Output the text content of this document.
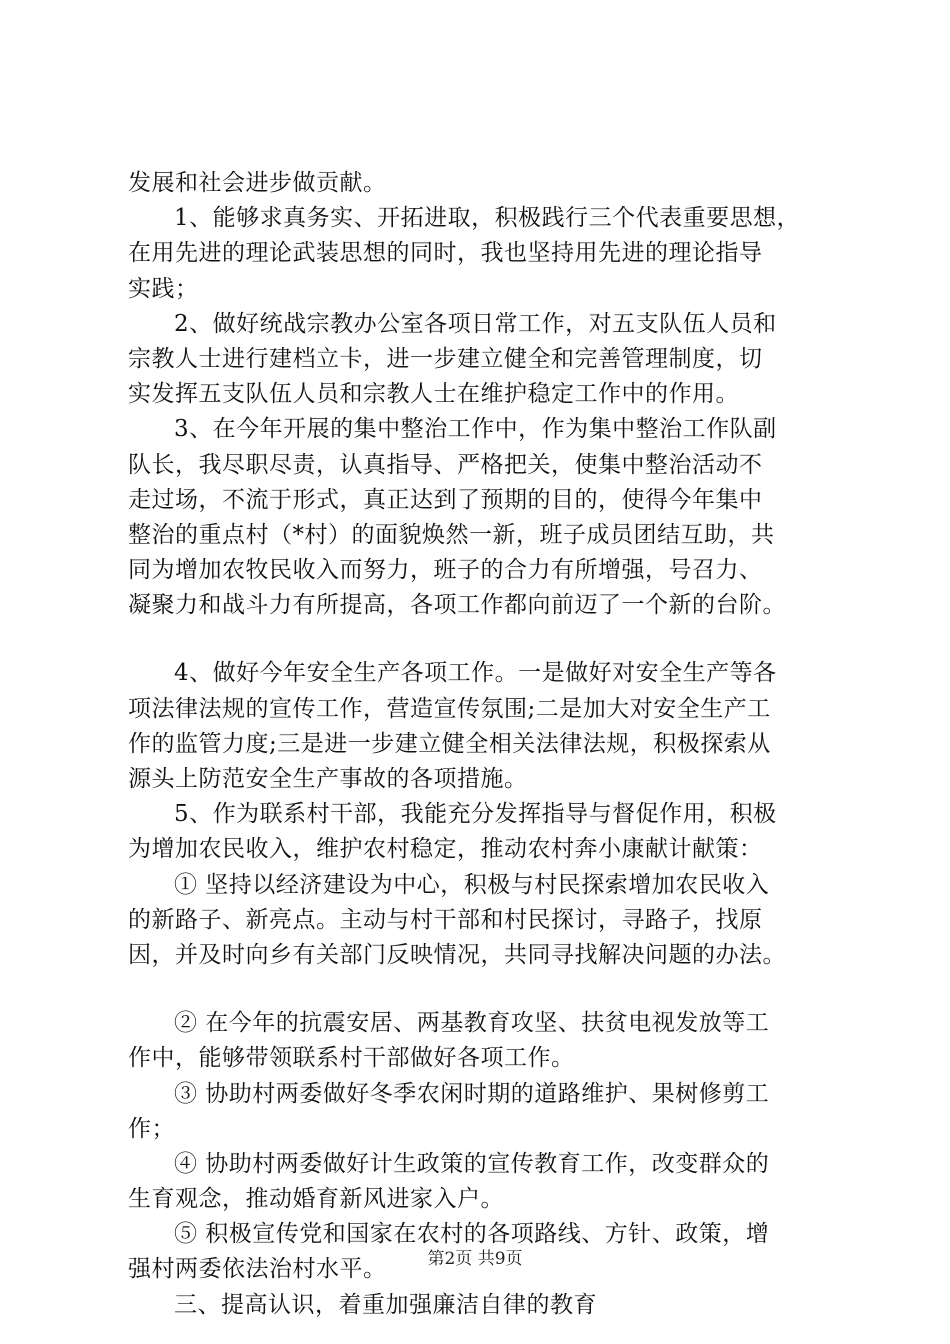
发展和社会进步做贡献。
1、能够求真务实、开拓进取，积极践行三个代表重要思想，
在用先进的理论武装思想的同时，我也坚持用先进的理论指导
实践；
2、做好统战宗教办公室各项日常工作，对五支队伍人员和
宗教人士进行建档立卡，进一步建立健全和完善管理制度，切
实发挥五支队伍人员和宗教人士在维护稳定工作中的作用。
3、在今年开展的集中整治工作中，作为集中整治工作队副
队长，我尽职尽责，认真指导、严格把关，使集中整治活动不
走过场，不流于形式，真正达到了预期的目的，使得今年集中
整治的重点村（*村）的面貌焕然一新，班子成员团结互助，共
同为增加农牧民收入而努力，班子的合力有所增强，号召力、
凝聚力和战斗力有所提高，各项工作都向前迈了一个新的台阶。
4、做好今年安全生产各项工作。一是做好对安全生产等各
项法律法规的宣传工作，营造宣传氛围;二是加大对安全生产工
作的监管力度;三是进一步建立健全相关法律法规，积极探索从
源头上防范安全生产事故的各项措施。
5、作为联系村干部，我能充分发挥指导与督促作用，积极
为增加农民收入，维护农村稳定，推动农村奔小康献计献策：
① 坚持以经济建设为中心，积极与村民探索增加农民收入
的新路子、新亮点。主动与村干部和村民探讨，寻路子，找原
因，并及时向乡有关部门反映情况，共同寻找解决问题的办法。
② 在今年的抗震安居、两基教育攻坚、扶贫电视发放等工
作中，能够带领联系村干部做好各项工作。
③ 协助村两委做好冬季农闲时期的道路维护、果树修剪工
作；
④ 协助村两委做好计生政策的宣传教育工作，改变群众的
生育观念，推动婚育新风进家入户。
⑤ 积极宣传党和国家在农村的各项路线、方针、政策，增
强村两委依法治村水平。
三、提高认识，着重加强廉洁自律的教育
第2页 共9页
